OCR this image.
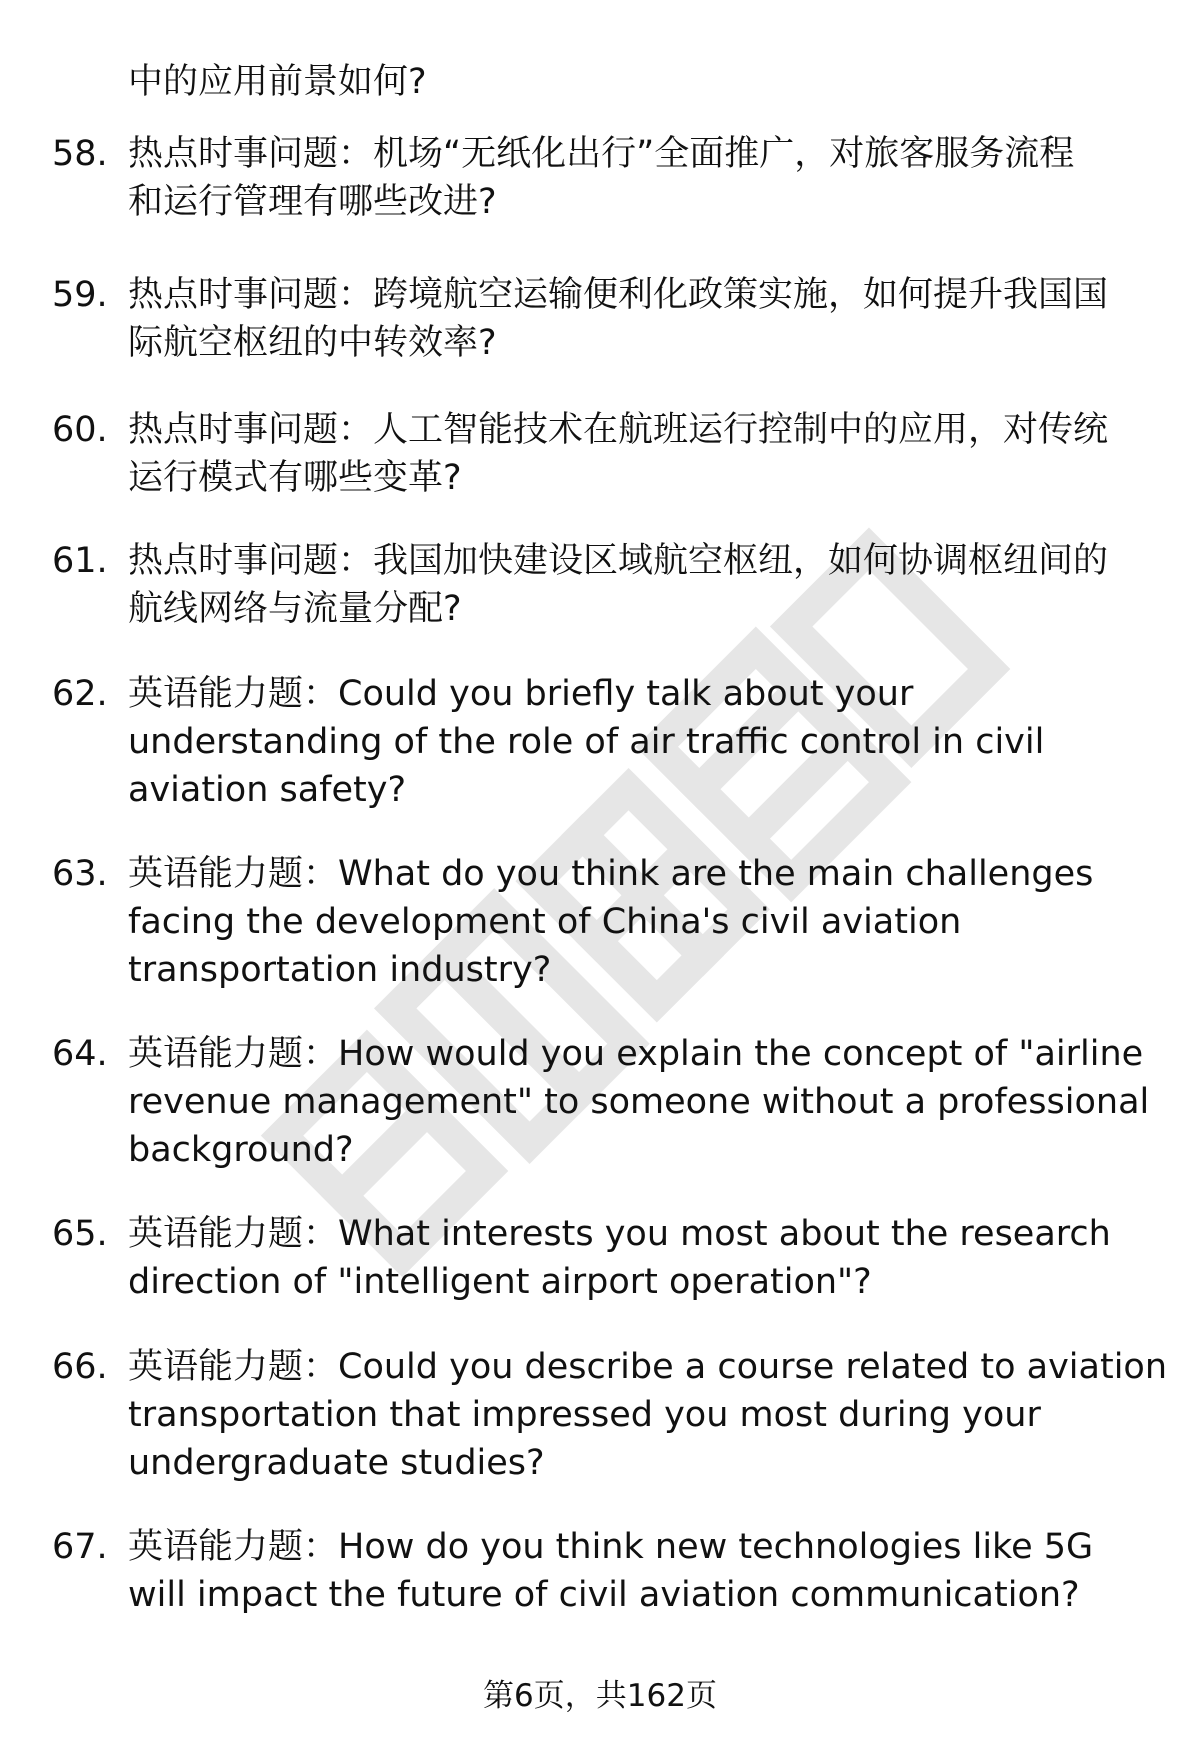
中的应用前景如何?
58. 热点时事问题：机场“无纸化出行”全面推广，对旅客服务流程
和运行管理有哪些改进?
59. 热点时事问题：跨境航空运输便利化政策实施，如何提升我国国
际航空枢纽的中转效率?
60. 热点时事问题：人工智能技术在航班运行控制中的应用，对传统
运行模式有哪些变革?
61. 热点时事问题：我国加快建设区域航空枢纽，如何协调枢纽间的
航线网络与流量分配?
62. 英语能力题：Could you briefly talk about your
understanding of the role of air traffic control in civil
aviation safety?
63. 英语能力题：What do you think are the main challenges
facing the development of China's civil aviation
transportation industry?
64. 英语能力题：How would you explain the concept of "airline
revenue management" to someone without a professional
background?
65. 英语能力题：What interests you most about the research
direction of "intelligent airport operation"?
66. 英语能力题：Could you describe a course related to aviation
transportation that impressed you most during your
undergraduate studies?
67. 英语能力题：How do you think new technologies like 5G
will impact the future of civil aviation communication?
第6页，共162页
